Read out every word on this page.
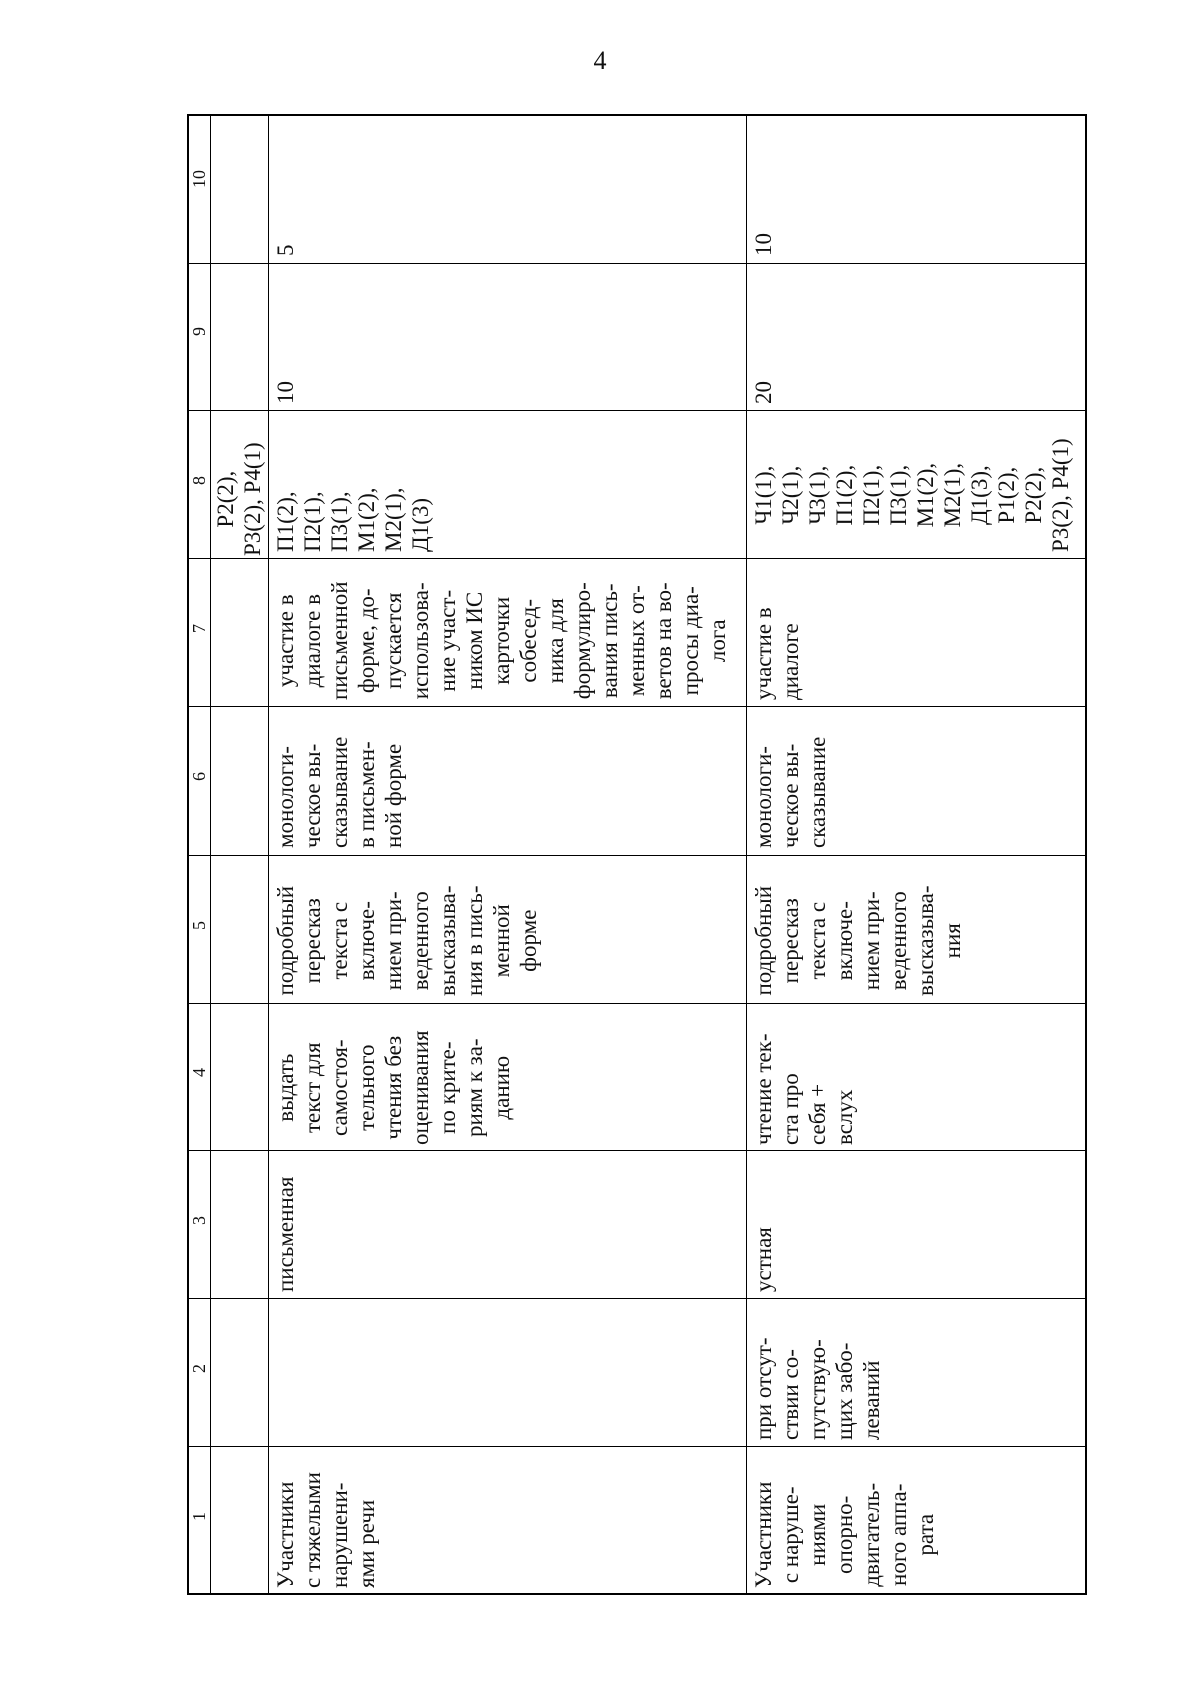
4
10
9
8
7
6
5
4
3
2
1
Р2(2),
Р3(2), Р4(1)
Участники
с тяжелыми
нарушени-
ями речи
письменная
выдать
текст для
самостоя-
тельного
чтения без
оценивания
по крите-
риям к за-
данию
подробный
пересказ
текста с
включе-
нием при-
веденного
высказыва-
ния в пись-
менной
форме
монологи-
ческое вы-
сказывание
в письмен-
ной форме
участие в
диалоге в
письменной
форме, до-
пускается
использова-
ние участ-
ником ИС
карточки
собесед-
ника для
формулиро-
вания пись-
менных от-
ветов на во-
просы диа-
лога
П1(2),
П2(1),
П3(1),
М1(2),
М2(1),
Д1(3)
10
5
Участники
с наруше-
ниями
опорно-
двигатель-
ного аппа-
рата
при отсут-
ствии со-
путствую-
щих забо-
леваний
устная
чтение тек-
ста про
себя +
вслух
подробный
пересказ
текста с
включе-
нием при-
веденного
высказыва-
ния
монологи-
ческое вы-
сказывание
участие в
диалоге
Ч1(1),
Ч2(1),
Ч3(1),
П1(2),
П2(1),
П3(1),
М1(2),
М2(1),
Д1(3),
Р1(2),
Р2(2),
Р3(2), Р4(1)
20
10
